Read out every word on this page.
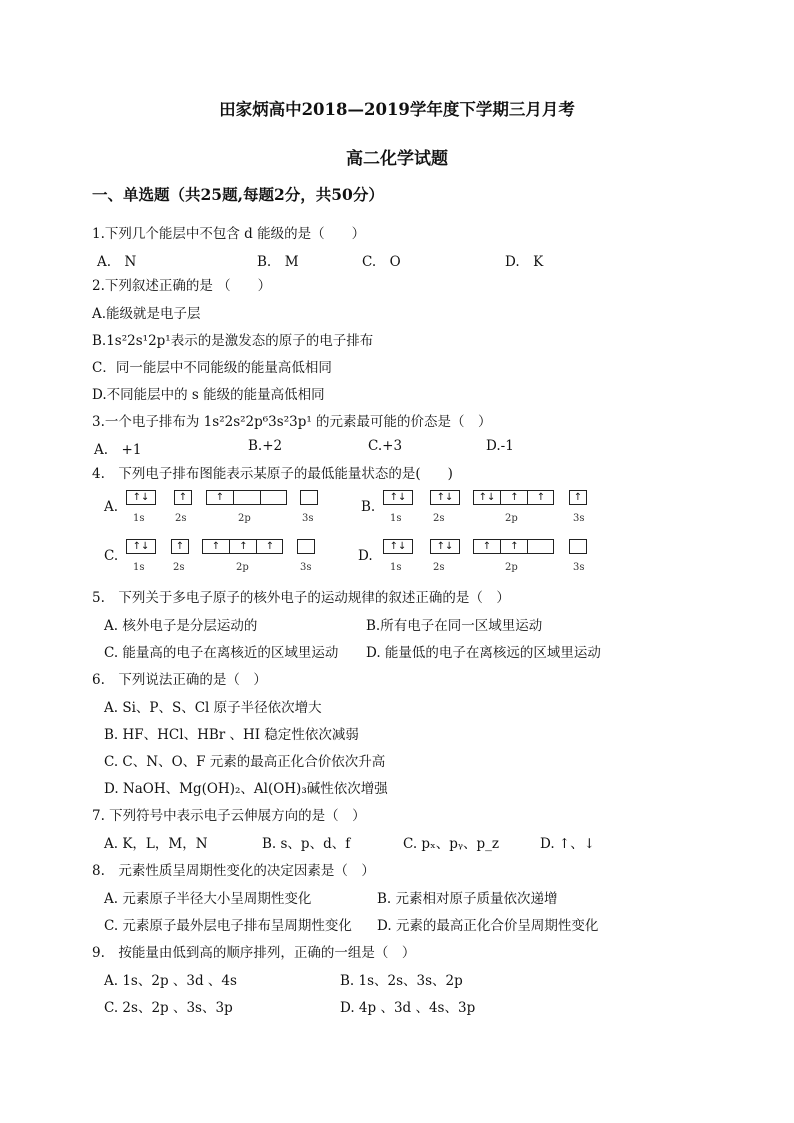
田家炳高中2018—2019学年度下学期三月月考
高二化学试题
一、单选题（共25题,每题2分，共50分）
1.下列几个能层中不包含 d 能级的是（　　）
A.　N	B.　M	C.　O	D.　K
2.下列叙述正确的是 （　　）
A.能级就是电子层
B.1s²2s¹2p¹表示的是激发态的原子的电子排布
C．同一能层中不同能级的能量高低相同
D.不同能层中的 s 能级的能量高低相同
3.一个电子排布为 1s²2s²2p⁶3s²3p¹ 的元素最可能的价态是（　）
A.　+1	B.+2	C.+3	D.-1
4.　下列电子排布图能表示某原子的最低能量状态的是(　　)
A.
↑↓	↑	↑
1s	2s	2p	3s
B.
↑↓	↑↓	↑↓	↑	↑	↑
1s	2s	2p	3s
C.
↑↓	↑	↑	↑	↑
1s	2s	2p	3s
D.
↑↓	↑↓	↑	↑
1s	2s	2p	3s
5.　下列关于多电子原子的核外电子的运动规律的叙述正确的是（　）
A. 核外电子是分层运动的	B.所有电子在同一区域里运动
C. 能量高的电子在离核近的区域里运动 D. 能量低的电子在离核远的区域里运动
6.　下列说法正确的是（　）
A. Si、P、S、Cl 原子半径依次增大
B. HF、HCl、HBr 、HI 稳定性依次减弱
C. C、N、O、F 元素的最高正化合价依次升高
D. NaOH、Mg(OH)₂、Al(OH)₃碱性依次增强
7. 下列符号中表示电子云伸展方向的是（　）
A. K，L，M，N	B. s、p、d、f	C. pₓ、pᵧ、p_z	D. ↑、↓
8.　元素性质呈周期性变化的决定因素是（　）
A. 元素原子半径大小呈周期性变化	B. 元素相对原子质量依次递增
C. 元素原子最外层电子排布呈周期性变化 D. 元素的最高正化合价呈周期性变化
9.　按能量由低到高的顺序排列，正确的一组是（　）
A. 1s、2p 、3d 、4s	B. 1s、2s、3s、2p
C. 2s、2p 、3s、3p	D. 4p 、3d 、4s、3p
